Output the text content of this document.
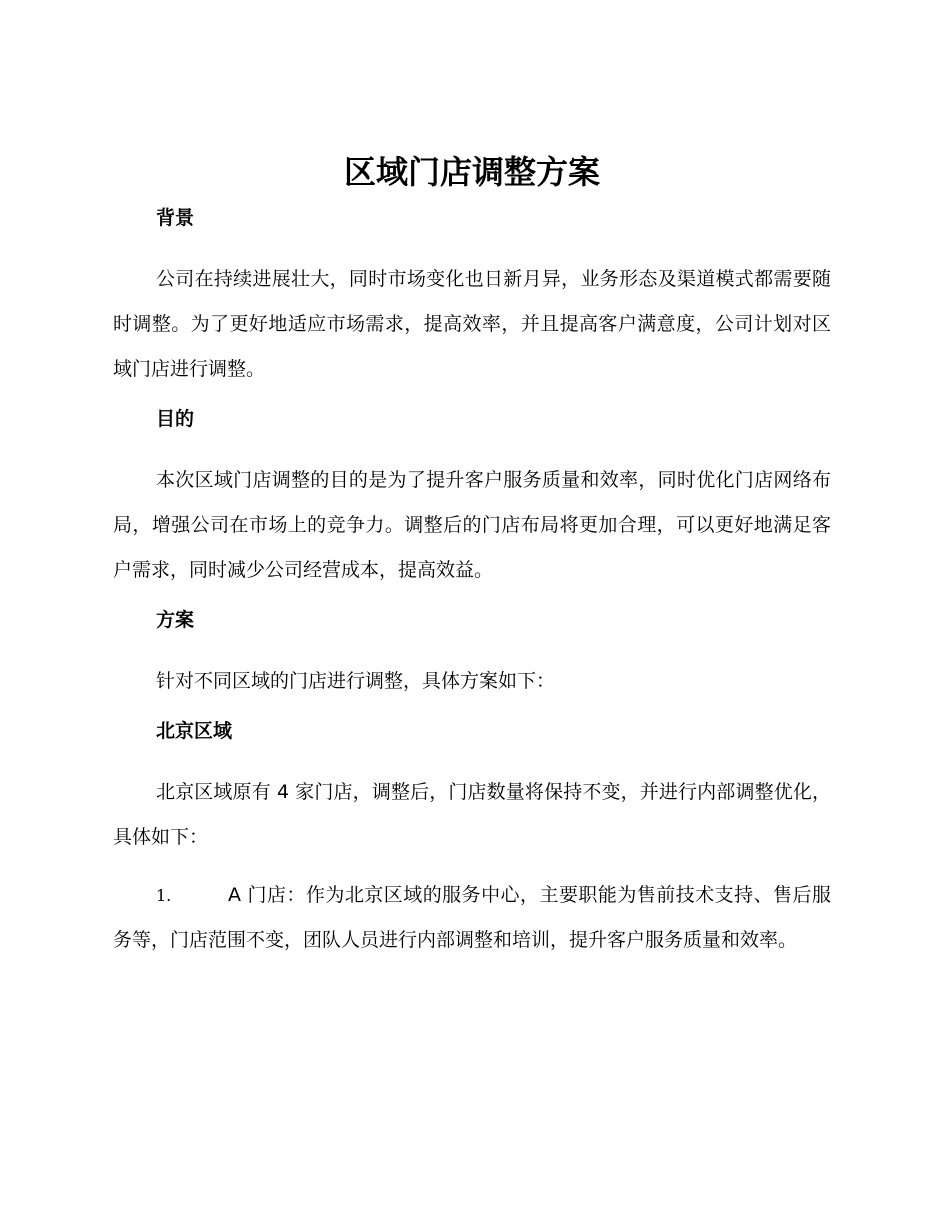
区域门店调整方案
背景

公司在持续进展壮大，同时市场变化也日新月异，业务形态及渠道模式都需要随时调整。为了更好地适应市场需求，提高效率，并且提高客户满意度，公司计划对区域门店进行调整。

目的

本次区域门店调整的目的是为了提升客户服务质量和效率，同时优化门店网络布局，增强公司在市场上的竞争力。调整后的门店布局将更加合理，可以更好地满足客户需求，同时减少公司经营成本，提高效益。

方案

针对不同区域的门店进行调整，具体方案如下：

北京区域

北京区域原有 4 家门店，调整后，门店数量将保持不变，并进行内部调整优化，具体如下：

1.	A 门店：作为北京区域的服务中心，主要职能为售前技术支持、售后服务等，门店范围不变，团队人员进行内部调整和培训，提升客户服务质量和效率。
